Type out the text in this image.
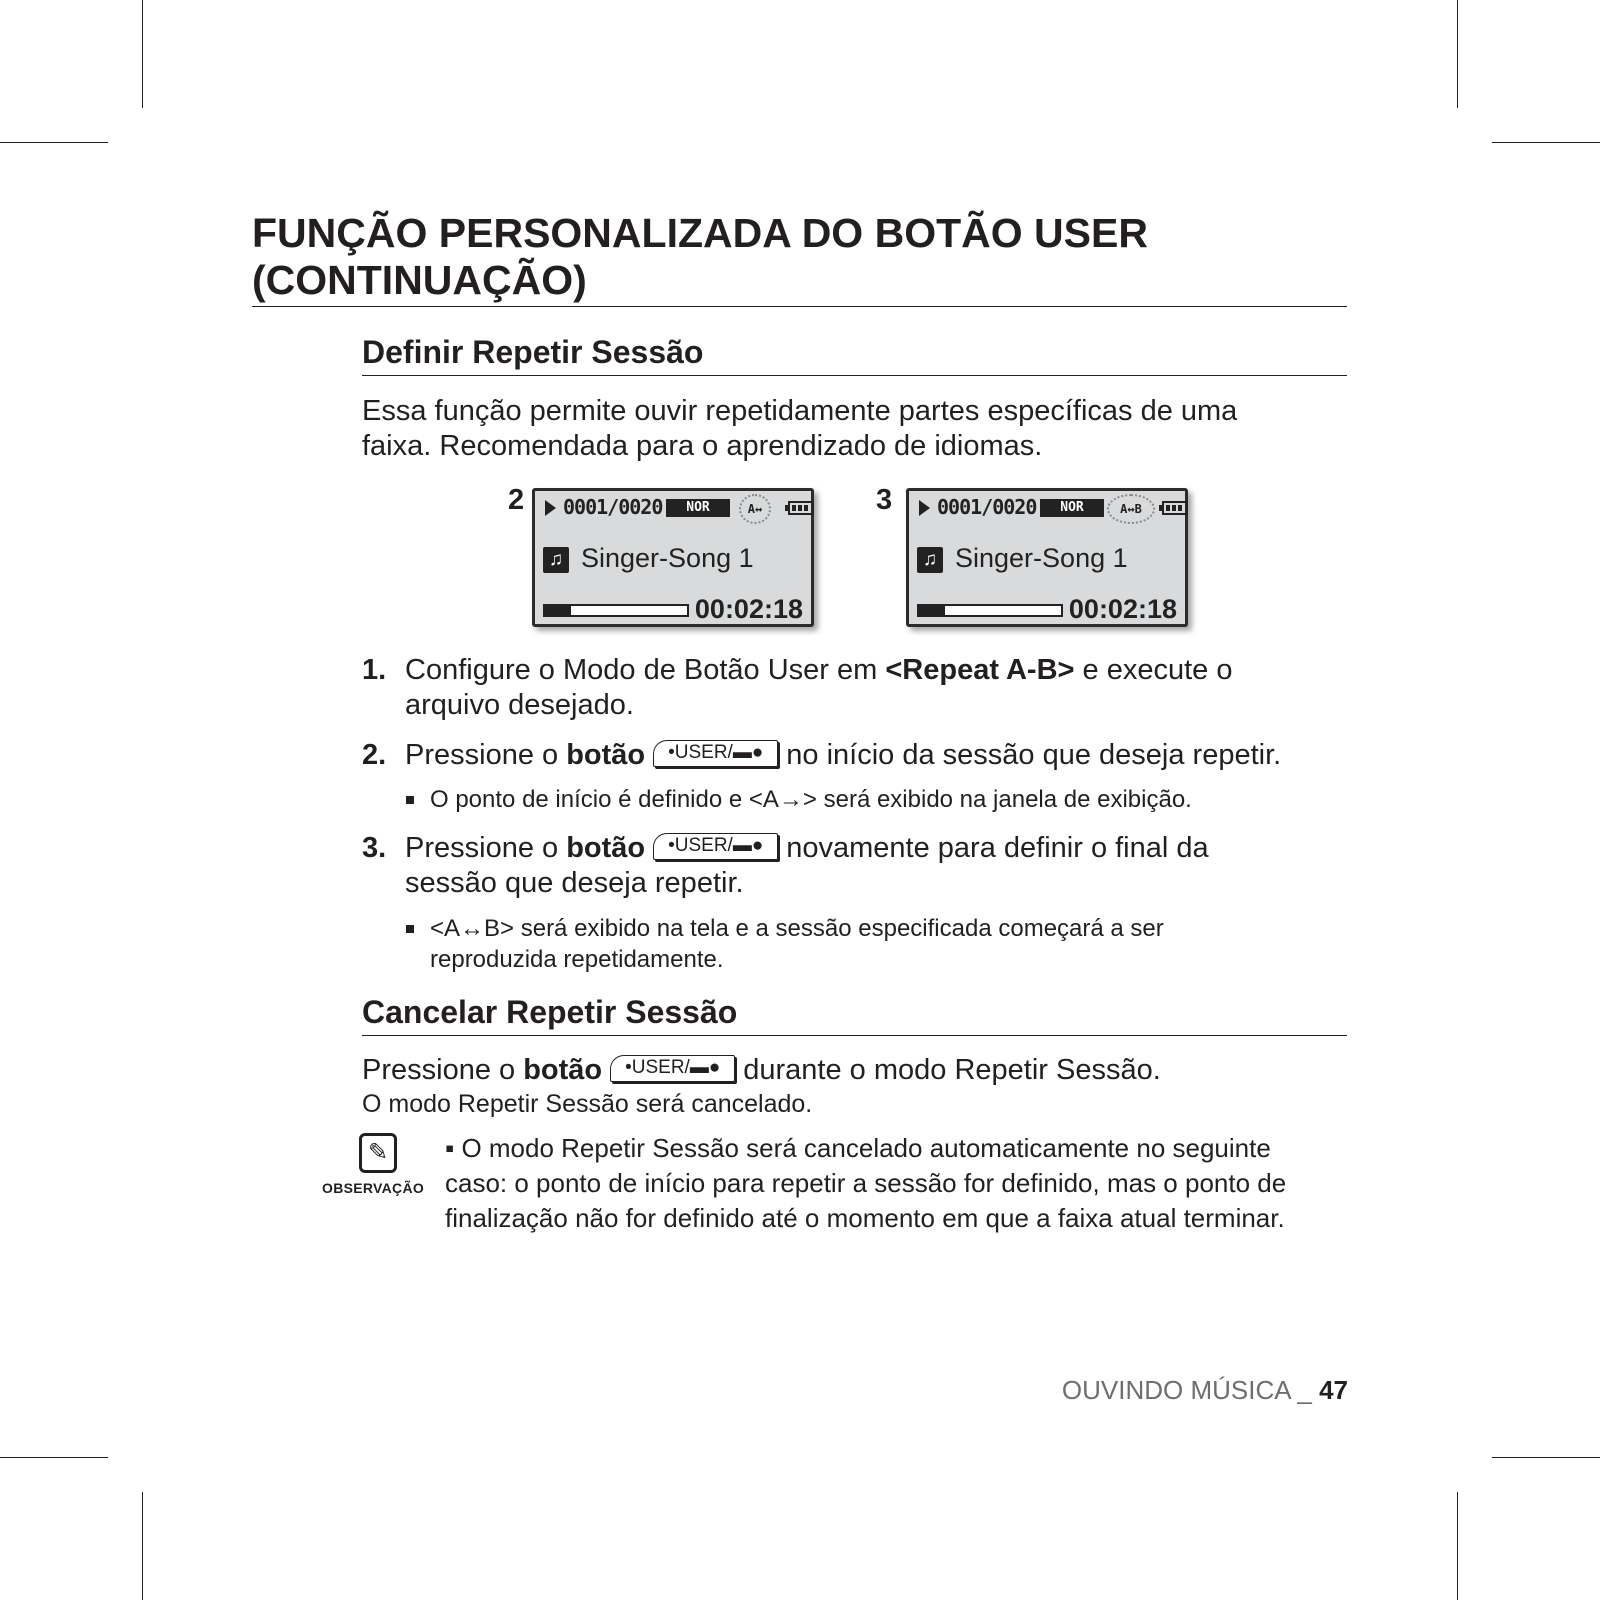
FUNÇÃO PERSONALIZADA DO BOTÃO USER
(CONTINUAÇÃO)
Definir Repetir Sessão

Essa função permite ouvir repetidamente partes específicas de uma
faixa. Recomendada para o aprendizado de idiomas.

2 0001/0020	NOR	A↔
♫ Singer-Song 1
00:02:18
3 0001/0020	NOR	A↔B
♫ Singer-Song 1
00:02:18
1. Configure o Modo de Botão User em <Repeat A-B> e execute o
arquivo desejado.

2. Pressione o botão •USER/▬● no início da sessão que deseja repetir.

O ponto de início é definido e <A→> será exibido na janela de exibição.

3. Pressione o botão •USER/▬● novamente para definir o final da
sessão que deseja repetir.

<A↔B> será exibido na tela e a sessão especificada começará a ser
reproduzida repetidamente.

Cancelar Repetir Sessão

Pressione o botão •USER/▬● durante o modo Repetir Sessão.

O modo Repetir Sessão será cancelado.

✎
OBSERVAÇÃO

▪ O modo Repetir Sessão será cancelado automaticamente no seguinte
caso: o ponto de início para repetir a sessão for definido, mas o ponto de
finalização não for definido até o momento em que a faixa atual terminar.

OUVINDO MÚSICA _ 47
